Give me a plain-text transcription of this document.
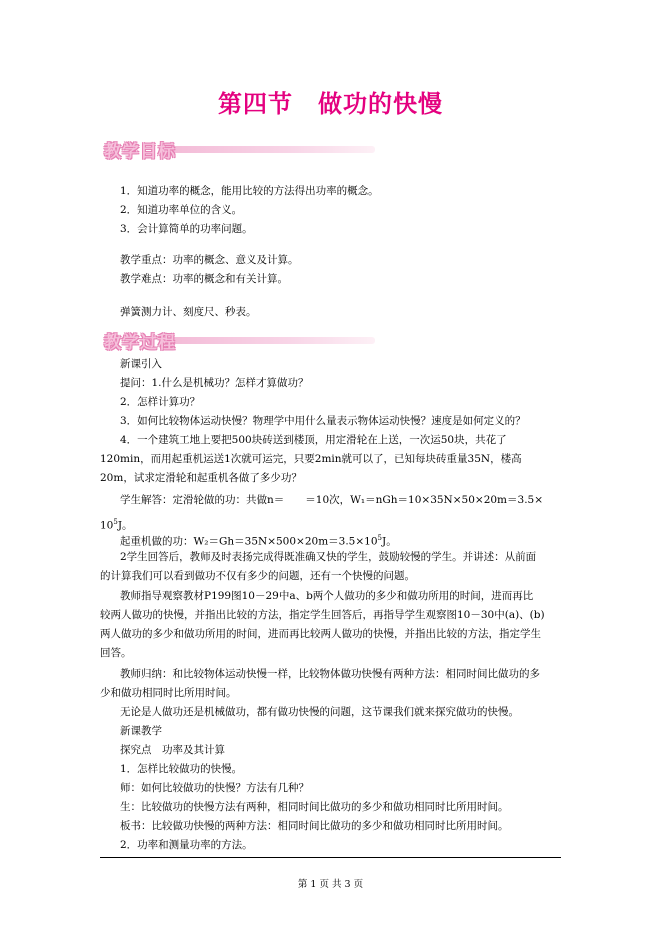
第四节　做功的快慢
教学目标
1．知道功率的概念，能用比较的方法得出功率的概念。
2．知道功率单位的含义。
3．会计算简单的功率问题。
教学重点：功率的概念、意义及计算。
教学难点：功率的概念和有关计算。
弹簧测力计、刻度尺、秒表。
教学过程
新课引入
提问：1.什么是机械功？怎样才算做功？
2．怎样计算功？
3．如何比较物体运动快慢？物理学中用什么量表示物体运动快慢？速度是如何定义的？
4．一个建筑工地上要把500块砖送到楼顶，用定滑轮在上送，一次运50块，共花了
120min，而用起重机运送1次就可运完，只要2min就可以了，已知每块砖重量35N，楼高
20m，试求定滑轮和起重机各做了多少功？
学生解答：定滑轮做的功：共做n＝　　＝10次，W₁＝nGh＝10×35N×50×20m＝3.5×
$10^5J$。
起重机做的功：$W_2=Gh=35N\times 500\times 20m=3.5\times 10^5J$。
2学生回答后，教师及时表扬完成得既准确又快的学生，鼓励较慢的学生。并讲述：从前面
的计算我们可以看到做功不仅有多少的问题，还有一个快慢的问题。
教师指导观察教材P199图10－29中a、b两个人做功的多少和做功所用的时间，进而再比
较两人做功的快慢，并指出比较的方法，指定学生回答后，再指导学生观察图10－30中(a)、(b)
两人做功的多少和做功所用的时间，进而再比较两人做功的快慢，并指出比较的方法，指定学生
回答。
教师归纳：和比较物体运动快慢一样，比较物体做功快慢有两种方法：相同时间比做功的多
少和做功相同时比所用时间。
无论是人做功还是机械做功，都有做功快慢的问题，这节课我们就来探究做功的快慢。
新课教学
探究点　功率及其计算
1．怎样比较做功的快慢。
师：如何比较做功的快慢？方法有几种？
生：比较做功的快慢方法有两种，相同时间比做功的多少和做功相同时比所用时间。
板书：比较做功快慢的两种方法：相同时间比做功的多少和做功相同时比所用时间。
2．功率和测量功率的方法。
第 1 页 共 3 页
